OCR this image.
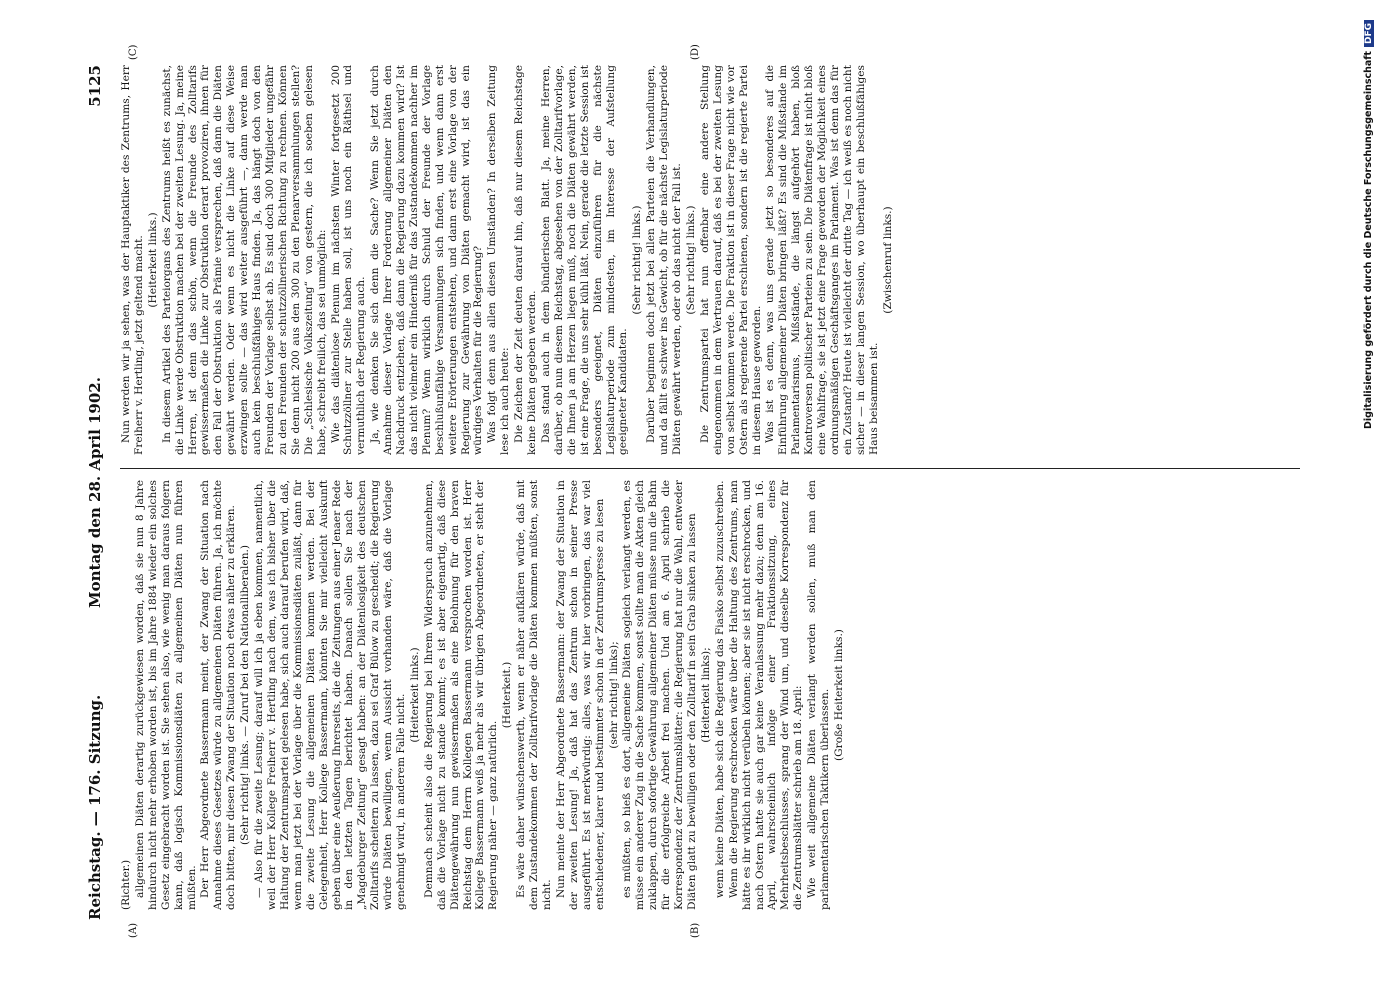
Reichstag. — 176. Sitzung.
Montag den 28. April 1902.
5125
(A)	(B)
(C)	(D)

(Richter.) allgemeinen Diäten derartig zurückgewiesen worden, daß sie nun 8 Jahre hindurch nicht mehr erhoben worden ist, bis im Jahre 1884 wieder ein solches Gesetz eingebracht worden ist. Sie sehen also, wie wenig man daraus folgern kann, daß logisch Kommissionsdiäten zu allgemeinen Diäten nun führen müßten. Der Herr Abgeordnete Bassermann meint, der Zwang der Situation nach Annahme dieses Gesetzes würde zu allgemeinen Diäten führen. Ja, ich möchte doch bitten, mir diesen Zwang der Situation noch etwas näher zu erklären. (Sehr richtig! links. — Zuruf bei den Nationalliberalen.) — Also für die zweite Lesung; darauf will ich ja eben kommen, namentlich, weil der Herr Kollege Freiherr v. Hertling nach dem, was ich bisher über die Haltung der Zentrumspartei gelesen habe, sich auch darauf berufen wird, daß, wenn man jetzt bei der Vorlage über die Kommissionsdiäten zuläßt, dann für die zweite Lesung die allgemeinen Diäten kommen werden. Bei der Gelegenheit, Herr Kollege Bassermann, könnten Sie mir vielleicht Auskunft geben über eine Aeußerung Ihrerseits, die die Zeitungen aus einer Jenaer Rede in den letzten Tagen berichtet haben. Danach sollen Sie nach der „Magdeburger Zeitung“ gesagt haben: an der Diätenlosigkeit des deutschen Zolltarifs scheitern zu lassen, dazu sei Graf Bülow zu gescheidt; die Regierung würde Diäten bewilligen, wenn Aussicht vorhanden wäre, daß die Vorlage genehmigt wird, in anderem Falle nicht. (Heiterkeit links.) Demnach scheint also die Regierung bei Ihrem Widerspruch anzunehmen, daß die Vorlage nicht zu stande kommt; es ist aber eigenartig, daß diese Diätengewährung nun gewissermaßen als eine Belohnung für den braven Reichstag dem Herrn Kollegen Bassermann versprochen worden ist. Herr Kollege Bassermann weiß ja mehr als wir übrigen Abgeordneten, er steht der Regierung näher — ganz natürlich.

(Heiterkeit.) Es wäre daher wünschenswerth, wenn er näher aufklären würde, daß mit dem Zustandekommen der Zolltarifvorlage die Diäten kommen müßten, sonst nicht. Nun meinte der Herr Abgeordnete Bassermann: der Zwang der Situation in der zweiten Lesung! Ja, daß hat das Zentrum schon in seiner Presse ausgeführt. Es ist merkwürdig: alles, was wir hier vorbringen, das war viel entschiedener, klarer und bestimmter schon in der Zentrumspresse zu lesen (sehr richtig! links); es müßten, so hieß es dort, allgemeine Diäten sogleich verlangt werden, es müsse ein anderer Zug in die Sache kommen, sonst sollte man die Akten gleich zuklappen, durch sofortige Gewährung allgemeiner Diäten müsse nun die Bahn für die erfolgreiche Arbeit frei machen. Und am 6. April schrieb die Korrespondenz der Zentrumsblätter: die Regierung hat nur die Wahl, entweder Diäten glatt zu bewilligen oder den Zolltarif in sein Grab sinken zu lassen (Heiterkeit links); wenn keine Diäten, habe sich die Regierung das Fiasko selbst zuzuschreiben. Wenn die Regierung erschrocken wäre über die Haltung des Zentrums, man hätte es ihr wirklich nicht verübeln können; aber sie ist nicht erschrocken, und nach Ostern hatte sie auch gar keine Veranlassung mehr dazu; denn am 16. April, wahrscheinlich infolge einer Fraktionssitzung, eines Mehrheitsbeschlusses, sprang der Wind um, und dieselbe Korrespondenz für die Zentrumsblätter schrieb am 18. April: Wie weit allgemeine Diäten verlangt werden sollen, muß man den parlamentarischen Taktikern überlassen. (Große Heiterkeit links.)

Nun werden wir ja sehen, was der Hauptaktiker des Zentrums, Herr Freiherr v. Hertling, jetzt geltend macht. (Heiterkeit links.) In diesem Artikel des Parteiorgans des Zentrums heißt es zunächst, die Linke werde Obstruktion machen bei der zweiten Lesung. Ja, meine Herren, ist denn das schön, wenn die Freunde des Zolltarifs gewissermaßen die Linke zur Obstruktion derart provoziren, ihnen für den Fall der Obstruktion als Prämie versprechen, daß dann die Diäten gewährt werden. Oder wenn es nicht die Linke auf diese Weise erzwingen sollte — das wird weiter ausgeführt —, dann werde man auch kein beschlußfähiges Haus finden. Ja, das hängt doch von den Freunden der Vorlage selbst ab. Es sind doch 300 Mitglieder ungefähr zu den Freunden der schutzzöllnerischen Richtung zu rechnen. Können Sie denn nicht 200 aus den 300 zu den Plenarversammlungen stellen? Die „Schlesische Volkszeitung“ von gestern, die ich soeben gelesen habe, schreibt freilich, das sei unmöglich: Wie das diätenlose Plenum im nächsten Winter fortgesetzt 200 Schutzzöllner zur Stelle haben soll, ist uns noch ein Räthsel und vermuthlich der Regierung auch. Ja, wie denken Sie sich denn die Sache? Wenn Sie jetzt durch Annahme dieser Vorlage Ihrer Forderung allgemeiner Diäten den Nachdruck entziehen, daß dann die Regierung dazu kommen wird? Ist das nicht vielmehr ein Hinderniß für das Zustandekommen nachher im Plenum? Wenn wirklich durch Schuld der Freunde der Vorlage beschlußunfähige Versammlungen sich finden, und wenn dann erst weitere Erörterungen entstehen, und dann erst eine Vorlage von der Regierung zur Gewährung von Diäten gemacht wird, ist das ein würdiges Verhalten für die Regierung? Was folgt denn aus allen diesen Umständen? In derselben Zeitung lese ich auch heute: Die Zeichen der Zeit deuten darauf hin, daß nur diesem Reichstage keine Diäten gegeben werden. Das stand auch in dem bündlerischen Blatt. Ja, meine Herren, darüber, ob nun diesem Reichstag, abgesehen von der Zolltarifvorlage, die Ihnen ja am Herzen liegen muß, noch die Diäten gewährt werden, ist eine Frage, die uns sehr kühl läßt. Nein, gerade die letzte Session ist besonders geeignet, Diäten einzuführen für die nächste Legislaturperiode zum mindesten, im Interesse der Aufstellung geeigneter Kandidaten.

(Sehr richtig! links.) Darüber beginnen doch jetzt bei allen Parteien die Verhandlungen, und da fällt es schwer ins Gewicht, ob für die nächste Legislaturperiode Diäten gewährt werden, oder ob das nicht der Fall ist. (Sehr richtig! links.) Die Zentrumspartei hat nun offenbar eine andere Stellung eingenommen in dem Vertrauen darauf, daß es bei der zweiten Lesung von selbst kommen werde. Die Fraktion ist in dieser Frage nicht wie vor Ostern als regierende Partei erschienen, sondern ist die regierte Partei in diesem Hause geworden. Was ist es denn, was uns gerade jetzt so besonderes auf die Einführung allgemeiner Diäten bringen läßt? Es sind die Mißstände im Parlamentarismus, Mißstände, die längst aufgehört haben, bloß Kontroversen politischer Parteien zu sein. Die Diätenfrage ist nicht bloß eine Wahlfrage, sie ist jetzt eine Frage geworden der Möglichkeit eines ordnungsmäßigen Geschäftsganges im Parlament. Was ist denn das für ein Zustand? Heute ist vielleicht der dritte Tag — ich weiß es noch nicht sicher — in dieser langen Session, wo überhaupt ein beschlußfähiges Haus beisammen ist.

(Zwischenruf links.)	Digitalisierung gefördert durch die Deutsche ForschungsgemeinschaftDFG
